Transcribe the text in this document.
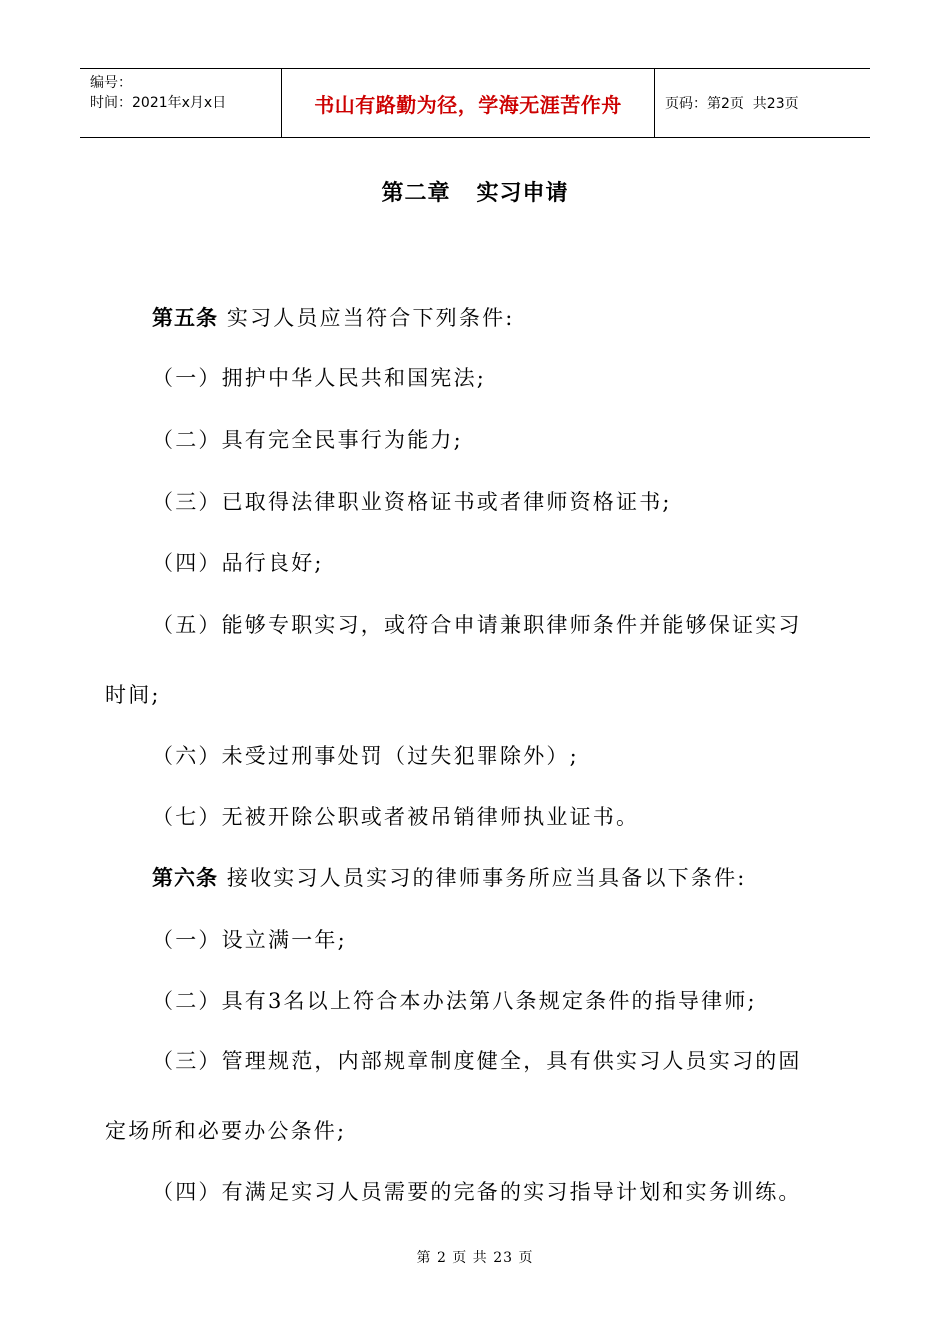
编号：
时间：2021年x月x日	书山有路勤为径，学海无涯苦作舟	页码：第2页  共23页
第二章   实习申请
第五条 实习人员应当符合下列条件:
（一）拥护中华人民共和国宪法;
（二）具有完全民事行为能力;
（三）已取得法律职业资格证书或者律师资格证书;
（四）品行良好;
（五）能够专职实习，或符合申请兼职律师条件并能够保证实习
时间;
（六）未受过刑事处罚（过失犯罪除外）;
（七）无被开除公职或者被吊销律师执业证书。
第六条 接收实习人员实习的律师事务所应当具备以下条件:
（一）设立满一年;
（二）具有3名以上符合本办法第八条规定条件的指导律师;
（三）管理规范，内部规章制度健全，具有供实习人员实习的固
定场所和必要办公条件;
（四）有满足实习人员需要的完备的实习指导计划和实务训练。
第 2 页 共 23 页
